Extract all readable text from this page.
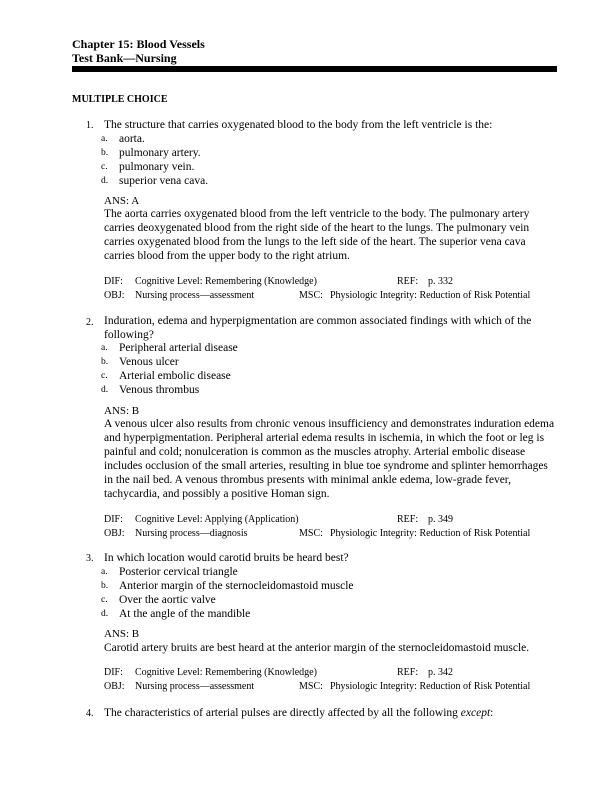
Chapter 15: Blood Vessels
Test Bank—Nursing
MULTIPLE CHOICE
1. The structure that carries oxygenated blood to the body from the left ventricle is the:
a. aorta.
b. pulmonary artery.
c. pulmonary vein.
d. superior vena cava.
ANS: A
The aorta carries oxygenated blood from the left ventricle to the body. The pulmonary artery carries deoxygenated blood from the right side of the heart to the lungs. The pulmonary vein carries oxygenated blood from the lungs to the left side of the heart. The superior vena cava carries blood from the upper body to the right atrium.
DIF: Cognitive Level: Remembering (Knowledge)	REF: p. 332
OBJ: Nursing process—assessment	MSC: Physiologic Integrity: Reduction of Risk Potential
2. Induration, edema and hyperpigmentation are common associated findings with which of the following?
a. Peripheral arterial disease
b. Venous ulcer
c. Arterial embolic disease
d. Venous thrombus
ANS: B
A venous ulcer also results from chronic venous insufficiency and demonstrates induration edema and hyperpigmentation. Peripheral arterial edema results in ischemia, in which the foot or leg is painful and cold; nonulceration is common as the muscles atrophy. Arterial embolic disease includes occlusion of the small arteries, resulting in blue toe syndrome and splinter hemorrhages in the nail bed. A venous thrombus presents with minimal ankle edema, low-grade fever, tachycardia, and possibly a positive Homan sign.
DIF: Cognitive Level: Applying (Application)	REF: p. 349
OBJ: Nursing process—diagnosis	MSC: Physiologic Integrity: Reduction of Risk Potential
3. In which location would carotid bruits be heard best?
a. Posterior cervical triangle
b. Anterior margin of the sternocleidomastoid muscle
c. Over the aortic valve
d. At the angle of the mandible
ANS: B
Carotid artery bruits are best heard at the anterior margin of the sternocleidomastoid muscle.
DIF: Cognitive Level: Remembering (Knowledge)	REF: p. 342
OBJ: Nursing process—assessment	MSC: Physiologic Integrity: Reduction of Risk Potential
4. The characteristics of arterial pulses are directly affected by all the following except:
